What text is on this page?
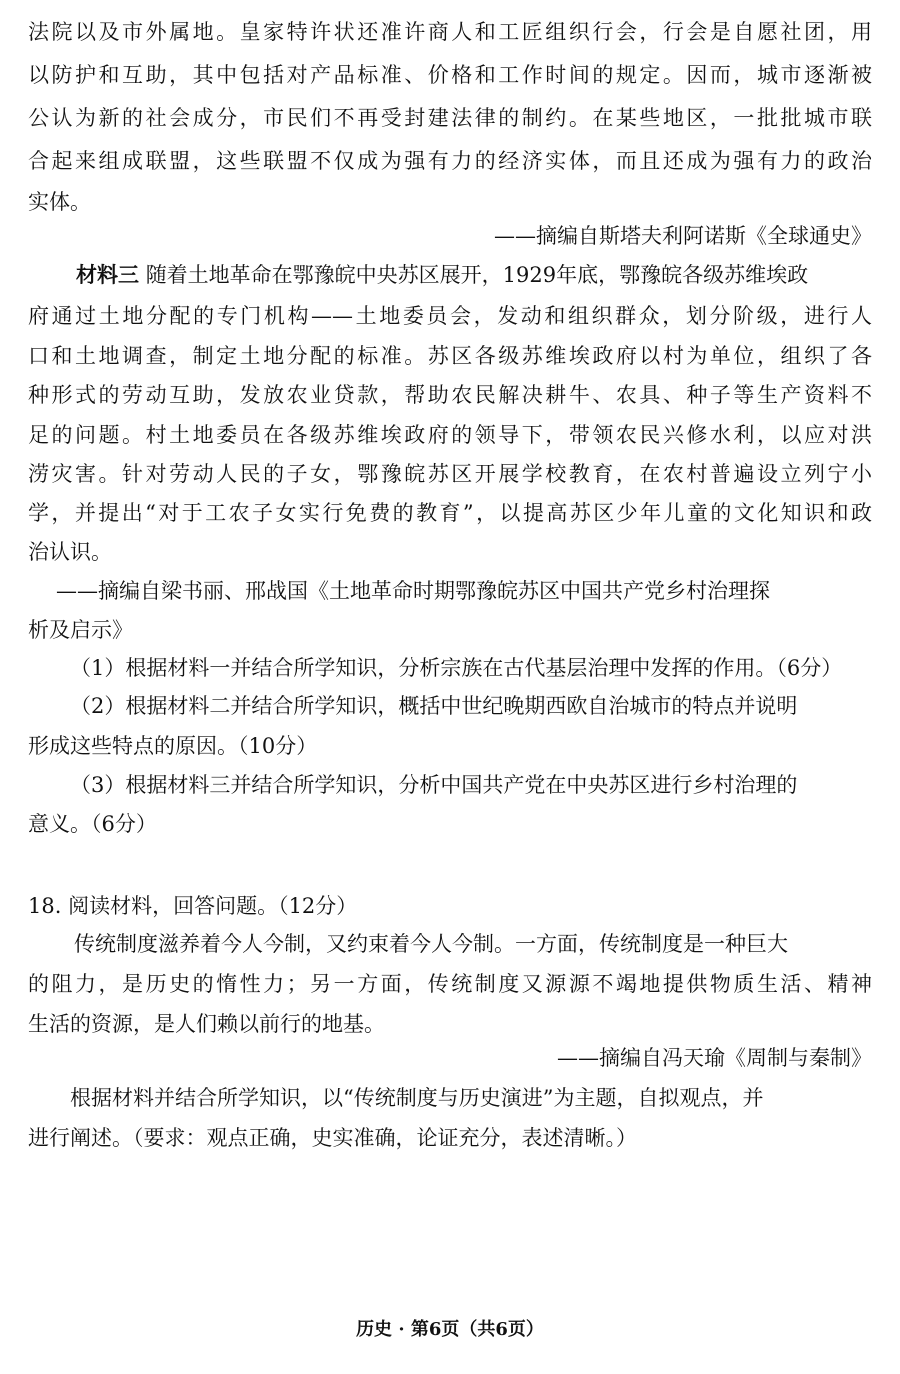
法院以及市外属地。皇家特许状还准许商人和工匠组织行会，行会是自愿社团，用
以防护和互助，其中包括对产品标准、价格和工作时间的规定。因而，城市逐渐被
公认为新的社会成分，市民们不再受封建法律的制约。在某些地区，一批批城市联
合起来组成联盟，这些联盟不仅成为强有力的经济实体，而且还成为强有力的政治
实体。
——摘编自斯塔夫利阿诺斯《全球通史》
材料三 随着土地革命在鄂豫皖中央苏区展开，1929年底，鄂豫皖各级苏维埃政
府通过土地分配的专门机构——土地委员会，发动和组织群众，划分阶级，进行人
口和土地调查，制定土地分配的标准。苏区各级苏维埃政府以村为单位，组织了各
种形式的劳动互助，发放农业贷款，帮助农民解决耕牛、农具、种子等生产资料不
足的问题。村土地委员在各级苏维埃政府的领导下，带领农民兴修水利，以应对洪
涝灾害。针对劳动人民的子女，鄂豫皖苏区开展学校教育，在农村普遍设立列宁小
学，并提出“对于工农子女实行免费的教育”，以提高苏区少年儿童的文化知识和政
治认识。
——摘编自梁书丽、邢战国《土地革命时期鄂豫皖苏区中国共产党乡村治理探
析及启示》
（1）根据材料一并结合所学知识，分析宗族在古代基层治理中发挥的作用。（6分）
（2）根据材料二并结合所学知识，概括中世纪晚期西欧自治城市的特点并说明
形成这些特点的原因。（10分）
（3）根据材料三并结合所学知识，分析中国共产党在中央苏区进行乡村治理的
意义。（6分）
18. 阅读材料，回答问题。（12分）
传统制度滋养着今人今制，又约束着今人今制。一方面，传统制度是一种巨大
的阻力，是历史的惰性力；另一方面，传统制度又源源不竭地提供物质生活、精神
生活的资源，是人们赖以前行的地基。
——摘编自冯天瑜《周制与秦制》
根据材料并结合所学知识，以“传统制度与历史演进”为主题，自拟观点，并
进行阐述。（要求：观点正确，史实准确，论证充分，表述清晰。）
历史 · 第6页（共6页）
